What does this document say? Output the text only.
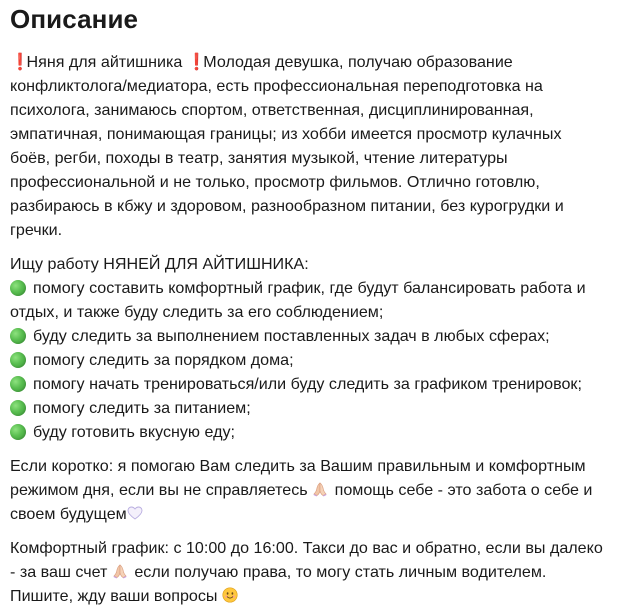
Описание
❗ Няня для айтишника ❗ Молодая девушка, получаю образование
конфликтолога/медиатора, есть профессиональная переподготовка на
психолога, занимаюсь спортом, ответственная, дисциплинированная,
эмпатичная, понимающая границы; из хобби имеется просмотр кулачных
боёв, регби, походы в театр, занятия музыкой, чтение литературы
профессиональной и не только, просмотр фильмов. Отлично готовлю,
разбираюсь в кбжу и здоровом, разнообразном питании, без курогрудки и
гречки.
Ищу работу НЯНЕЙ ДЛЯ АЙТИШНИКА:
помогу составить комфортный график, где будут балансировать работа и
отдых, и также буду следить за его соблюдением;
буду следить за выполнением поставленных задач в любых сферах;
помогу следить за порядком дома;
помогу начать тренироваться/или буду следить за графиком тренировок;
помогу следить за питанием;
буду готовить вкусную еду;
Если коротко: я помогаю Вам следить за Вашим правильным и комфортным
режимом дня, если вы не справляетесь помощь себе - это забота о себе и
своем будущем
Комфортный график: с 10:00 до 16:00. Такси до вас и обратно, если вы далеко
- за ваш счет если получаю права, то могу стать личным водителем.
Пишите, жду ваши вопросы
